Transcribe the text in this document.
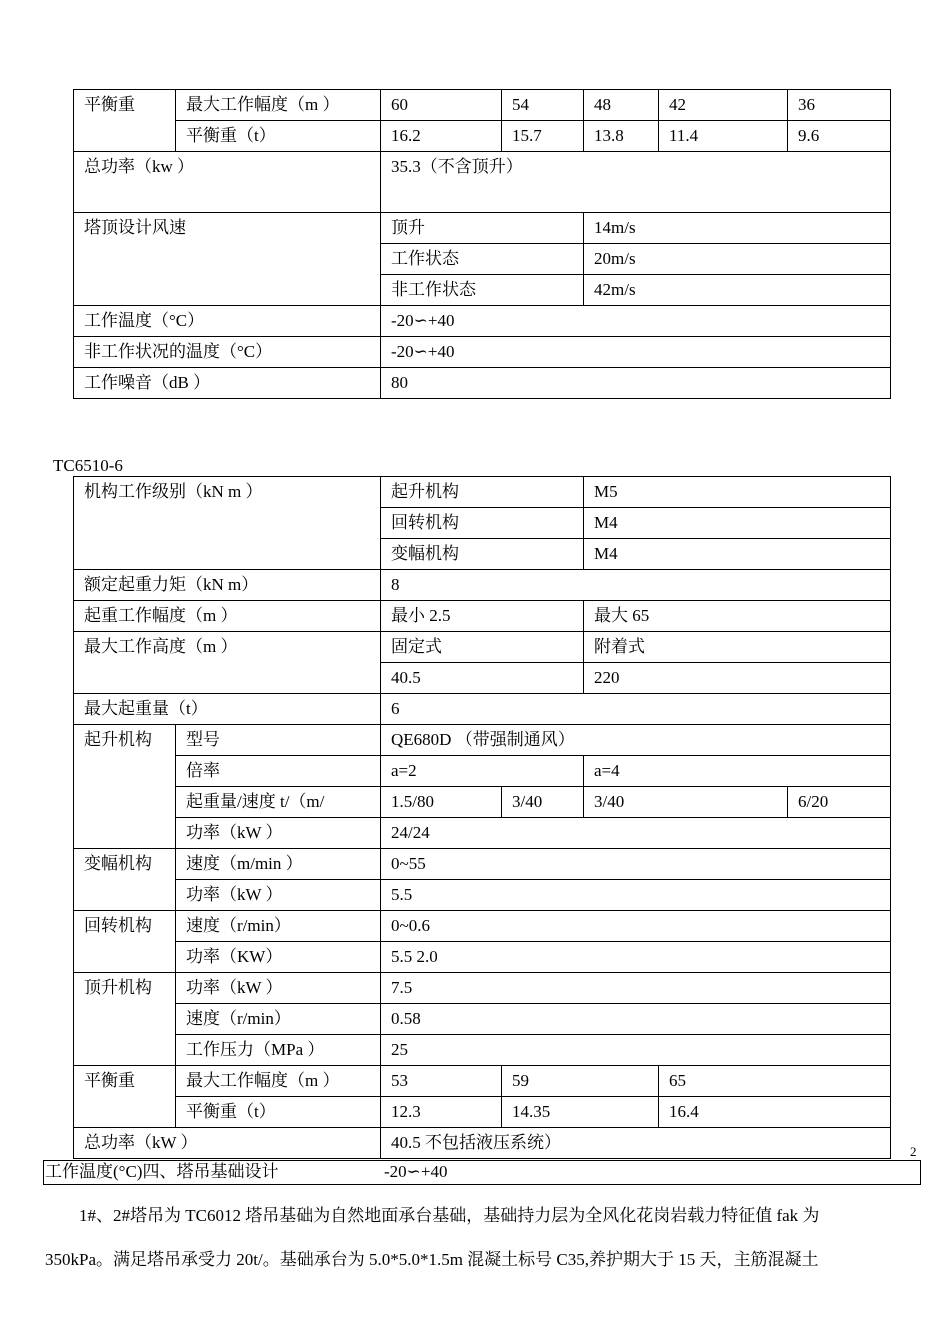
平衡重	最大工作幅度（m ）	60	54	48	42	36
	平衡重（t）	16.2	15.7	13.8	11.4	9.6
总功率（kw ）		35.3（不含顶升）				
塔顶设计风速		顶升		14m/s		
		工作状态		20m/s		
		非工作状态		42m/s		
工作温度（°C）		-20∽+40				
非工作状况的温度（°C）		-20∽+40				
工作噪音（dB ）		80				
TC6510-6
机构工作级别（kN m ）		起升机构		M5		
		回转机构		M4		
		变幅机构		M4		
额定起重力矩（kN m）		8				
起重工作幅度（m ）		最小 2.5		最大 65		
最大工作高度（m ）		固定式		附着式		
		40.5		220		
最大起重量（t）		6				
起升机构	型号	QE680D （带强制通风）				
	倍率	a=2		a=4		
	起重量/速度 t/（m/	1.5/80	3/40	3/40		6/20
	功率（kW ）	24/24				
变幅机构	速度（m/min ）	0~55				
	功率（kW ）	5.5				
回转机构	速度（r/min）	0~0.6				
	功率（KW）	5.5 2.0				
顶升机构	功率（kW ）	7.5				
	速度（r/min）	0.58				
	工作压力（MPa ）	25				
平衡重	最大工作幅度（m ）	53	59		65	
	平衡重（t）	12.3	14.35		16.4	
总功率（kW ）		40.5 不包括液压系统）					2
工作温度(°C)四、塔吊基础设计	-20∽+40
1#、2#塔吊为 TC6012 塔吊基础为自然地面承台基础，基础持力层为全风化花岗岩载力特征值 fak 为
350kPa。满足塔吊承受力 20t/。基础承台为 5.0*5.0*1.5m 混凝土标号 C35,养护期大于 15 天，主筋混凝土
